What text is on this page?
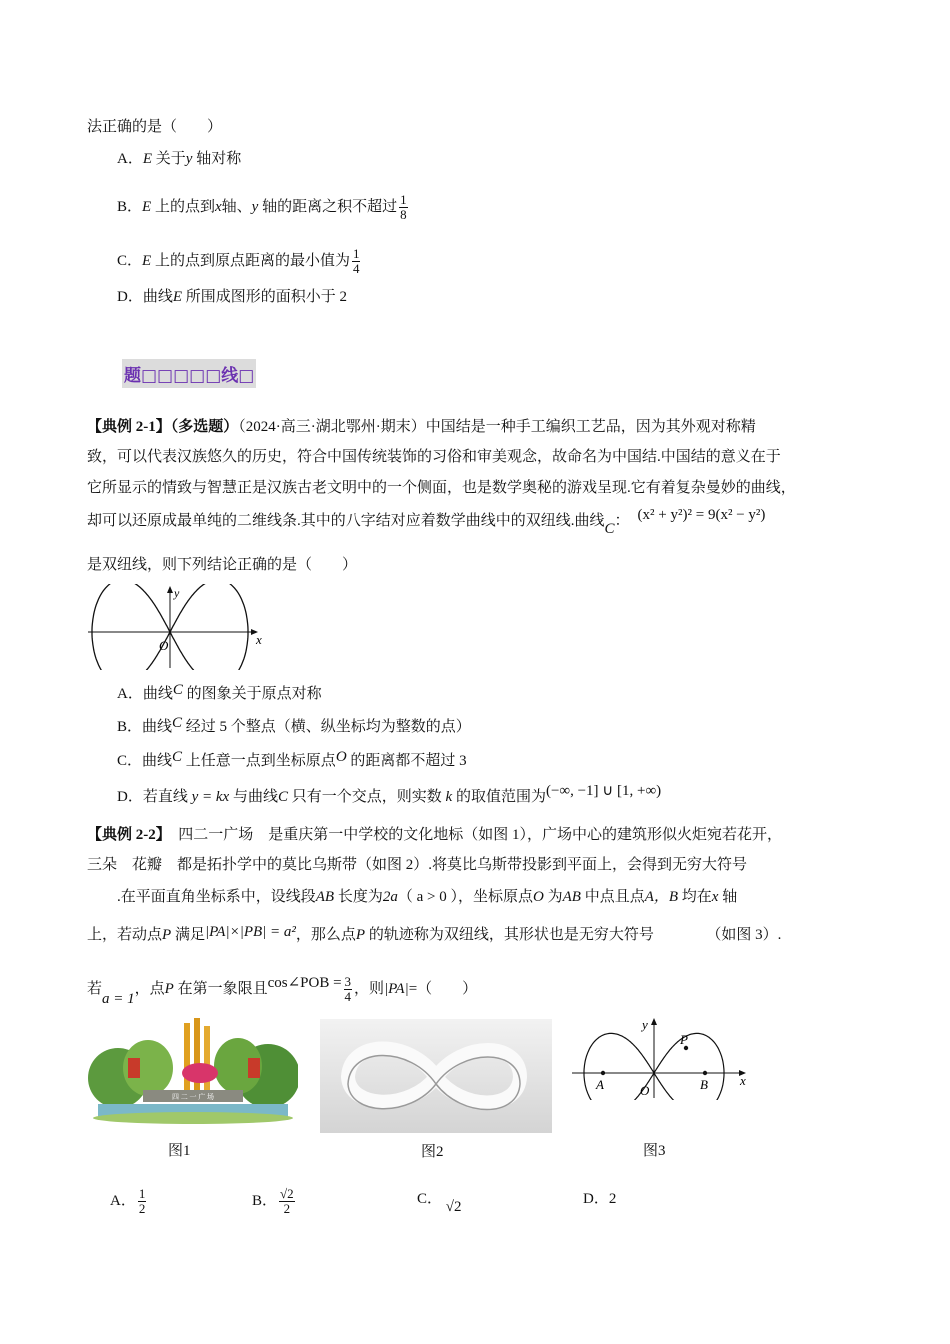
法正确的是（　　）
A．E 关于y 轴对称
B．E 上的点到x轴、y 轴的距离之积不超过 $\frac{1}{8}$
C．E 上的点到原点距离的最小值为 $\frac{1}{4}$
D．曲线E 所围成图形的面积小于 2
题□□□□□线□
【典例 2-1】（多选题）（2024·高三·湖北鄂州·期末）中国结是一种手工编织工艺品，因为其外观对称精
致，可以代表汉族悠久的历史，符合中国传统装饰的习俗和审美观念，故命名为中国结.中国结的意义在于
它所显示的情致与智慧正是汉族古老文明中的一个侧面，也是数学奥秘的游戏呈现.它有着复杂曼妙的曲线，
却可以还原成最单纯的二维线条.其中的八字结对应着数学曲线中的双纽线.曲线C： (x² + y²)² = 9(x² − y²)
是双纽线，则下列结论正确的是（　　）
y
x
O
A．曲线C 的图象关于原点对称
B．曲线C 经过 5 个整点（横、纵坐标均为整数的点）
C．曲线C 上任意一点到坐标原点O 的距离都不超过 3
D．若直线 y = kx 与曲线C 只有一个交点，则实数 k 的取值范围为(−∞, −1] ∪ [1, +∞)
【典例 2-2】　 四二一广场　是重庆第一中学校的文化地标（如图 1），广场中心的建筑形似火炬宛若花开，
三朵　花瓣　都是拓扑学中的莫比乌斯带（如图 2）.将莫比乌斯带投影到平面上，会得到无穷大符号
.在平面直角坐标系中，设线段AB 长度为2a（ a > 0 ），坐标原点O 为AB 中点且点A，B 均在x 轴
上，若动点P 满足|PA|×|PB| = a²，那么点P 的轨迹称为双纽线，其形状也是无穷大符号　　　　（如图 3）.
若a = 1，点P 在第一象限且cos∠POB = $\frac{3}{4}$ ，则|PA|=（　　）
四 二 一 广 场
图1	图2
y
x
P
A	B
O
图3
A． $\frac{1}{2}$	B． $\frac{√2}{2}$	C． √2	D．2
